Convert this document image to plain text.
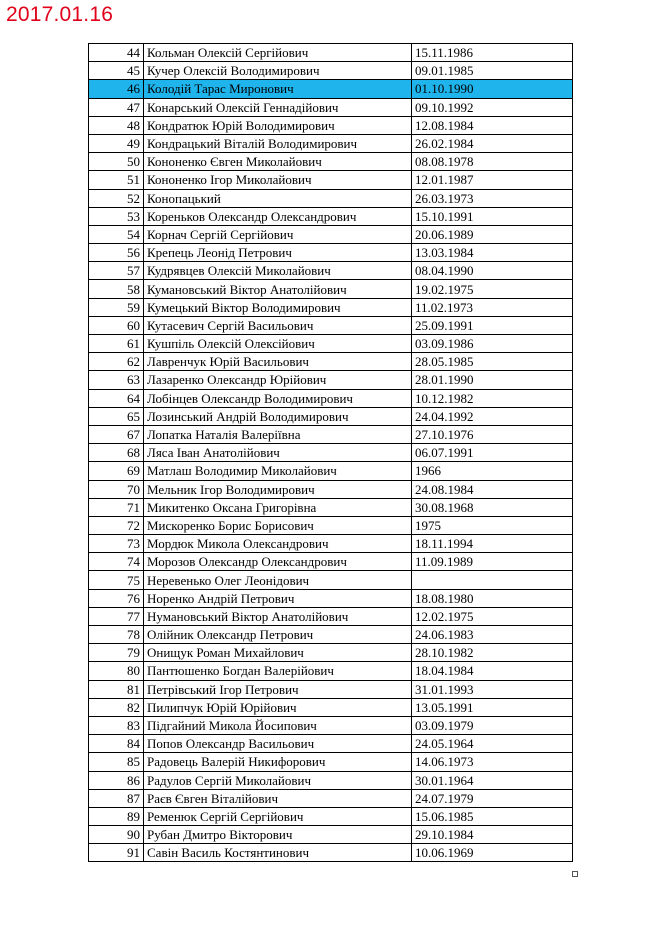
2017.01.16
44	Кольман Олексій Сергійович	15.11.1986
45	Кучер Олексій Володимирович	09.01.1985
46	Колодій Тарас Миронович	01.10.1990
47	Конарський Олексій Геннадійович	09.10.1992
48	Кондратюк Юрій Володимирович	12.08.1984
49	Кондрацький Віталій Володимирович	26.02.1984
50	Кононенко Євген Миколайович	08.08.1978
51	Кононенко Ігор Миколайович	12.01.1987
52	Конопацький	26.03.1973
53	Кореньков Олександр Олександрович	15.10.1991
54	Корнач Сергій Сергійович	20.06.1989
56	Крепець Леонід Петрович	13.03.1984
57	Кудрявцев Олексій Миколайович	08.04.1990
58	Кумановський Віктор Анатолійович	19.02.1975
59	Кумецький Віктор Володимирович	11.02.1973
60	Кутасевич Сергій Васильович	25.09.1991
61	Кушпіль Олексій Олексійович	03.09.1986
62	Лавренчук Юрій Васильович	28.05.1985
63	Лазаренко Олександр Юрійович	28.01.1990
64	Лобінцев Олександр Володимирович	10.12.1982
65	Лозинський Андрій Володимирович	24.04.1992
67	Лопатка Наталія Валеріївна	27.10.1976
68	Ляса Іван Анатолійович	06.07.1991
69	Матлаш Володимир Миколайович	1966
70	Мельник Ігор Володимирович	24.08.1984
71	Микитенко Оксана Григорівна	30.08.1968
72	Мискоренко Борис Борисович	1975
73	Мордюк Микола Олександрович	18.11.1994
74	Морозов Олександр Олександрович	11.09.1989
75	Неревенько Олег Леонідович	
76	Норенко Андрій Петрович	18.08.1980
77	Нумановський Віктор Анатолійович	12.02.1975
78	Олійник Олександр Петрович	24.06.1983
79	Онищук Роман Михайлович	28.10.1982
80	Пантюшенко Богдан Валерійович	18.04.1984
81	Петрівський Ігор Петрович	31.01.1993
82	Пилипчук Юрій Юрійович	13.05.1991
83	Підгайний Микола Йосипович	03.09.1979
84	Попов Олександр Васильович	24.05.1964
85	Радовець Валерій Никифорович	14.06.1973
86	Радулов Сергій Миколайович	30.01.1964
87	Раєв Євген Віталійович	24.07.1979
89	Ременюк Сергій Сергійович	15.06.1985
90	Рубан Дмитро Вікторович	29.10.1984
91	Савін Василь Костянтинович	10.06.1969
